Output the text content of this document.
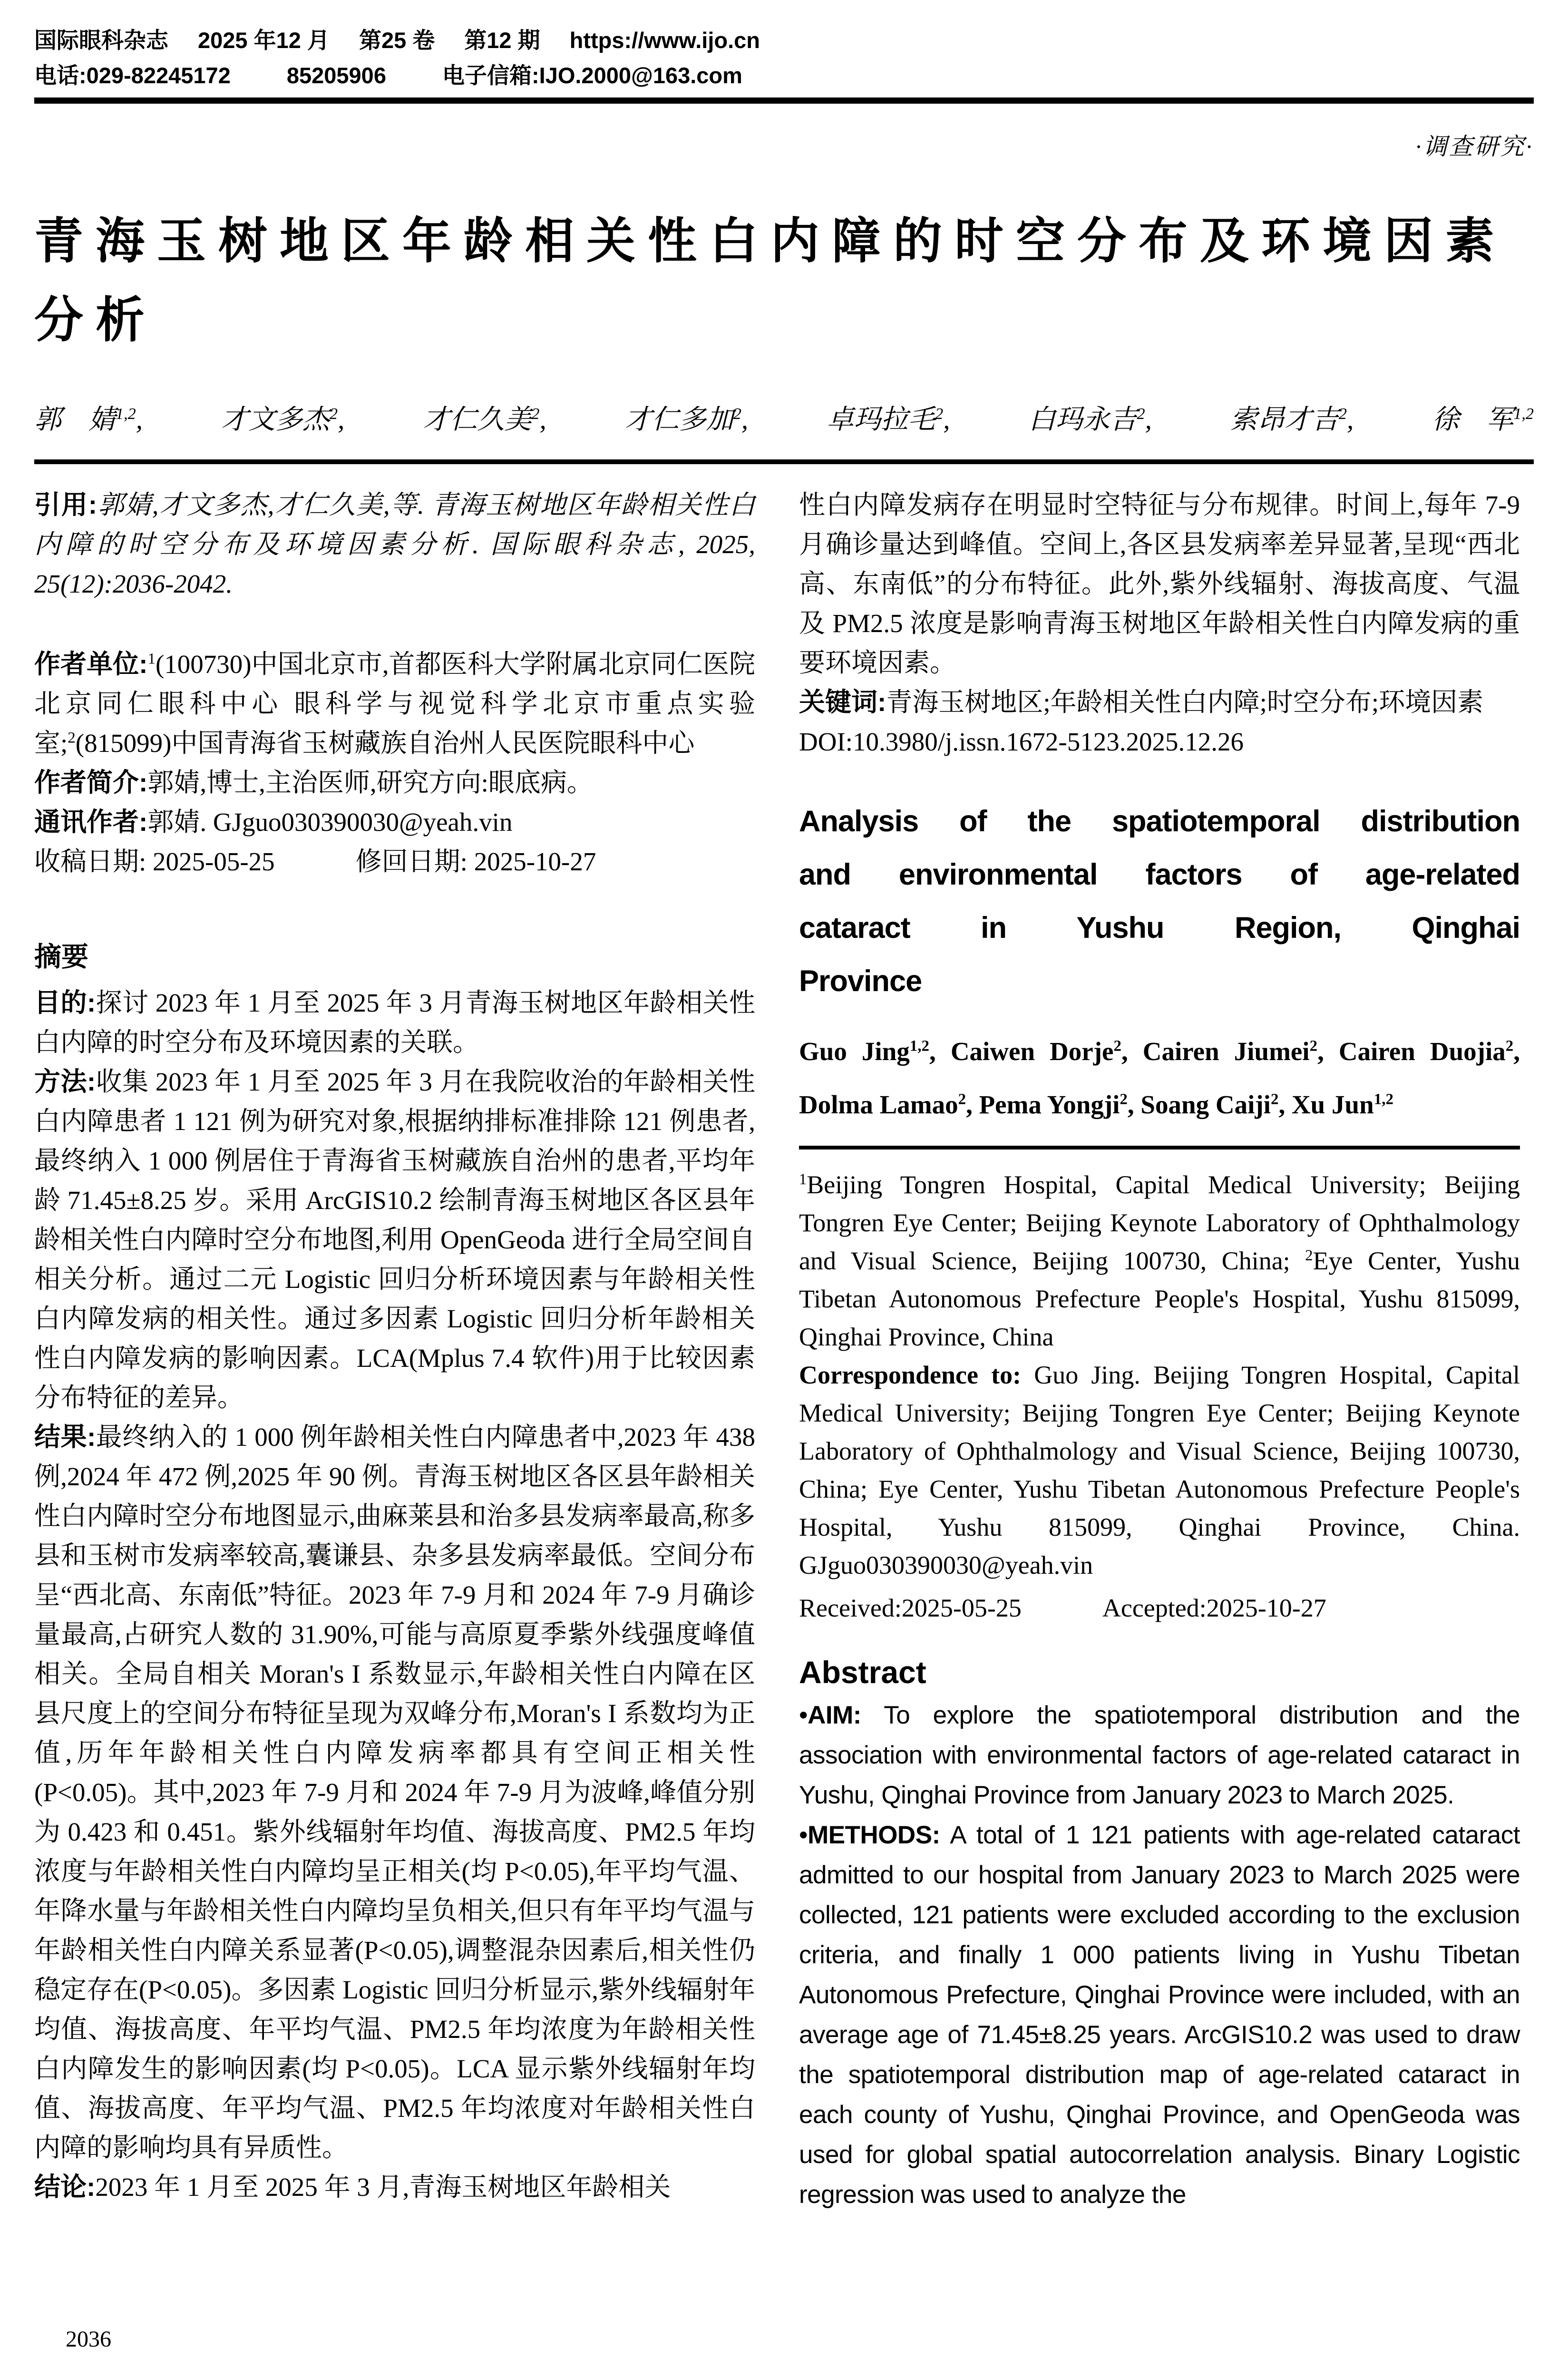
国际眼科杂志 2025 年12 月 第25 卷 第12 期 https://www.ijo.cn
电话:029-82245172	85205906	电子信箱:IJO.2000@163.com
·调查研究·
青海玉树地区年龄相关性白内障的时空分布及环境因素分析
郭　婧$^{1,2}$,	才文多杰$^2$,	才仁久美$^2$,	才仁多加$^2$,	卓玛拉毛$^2$,	白玛永吉$^2$,	索昂才吉$^2$,	徐　军$^{1,2}$

引用:郭婧,才文多杰,才仁久美,等. 青海玉树地区年龄相关性白内障的时空分布及环境因素分析. 国际眼科杂志, 2025, 25(12):2036-2042.

作者单位:$^1$(100730)中国北京市,首都医科大学附属北京同仁医院 北京同仁眼科中心 眼科学与视觉科学北京市重点实验室;$^2$(815099)中国青海省玉树藏族自治州人民医院眼科中心

作者简介:郭婧,博士,主治医师,研究方向:眼底病。

通讯作者:郭婧. GJguo030390030@yeah.vin

收稿日期: 2025-05-25	修回日期: 2025-10-27

摘要

目的:探讨 2023 年 1 月至 2025 年 3 月青海玉树地区年龄相关性白内障的时空分布及环境因素的关联。

方法:收集 2023 年 1 月至 2025 年 3 月在我院收治的年龄相关性白内障患者 1 121 例为研究对象,根据纳排标准排除 121 例患者,最终纳入 1 000 例居住于青海省玉树藏族自治州的患者,平均年龄 71.45±8.25 岁。采用 ArcGIS10.2 绘制青海玉树地区各区县年龄相关性白内障时空分布地图,利用 OpenGeoda 进行全局空间自相关分析。通过二元 Logistic 回归分析环境因素与年龄相关性白内障发病的相关性。通过多因素 Logistic 回归分析年龄相关性白内障发病的影响因素。LCA(Mplus 7.4 软件)用于比较因素分布特征的差异。

结果:最终纳入的 1 000 例年龄相关性白内障患者中,2023 年 438 例,2024 年 472 例,2025 年 90 例。青海玉树地区各区县年龄相关性白内障时空分布地图显示,曲麻莱县和治多县发病率最高,称多县和玉树市发病率较高,囊谦县、杂多县发病率最低。空间分布呈“西北高、东南低”特征。2023 年 7-9 月和 2024 年 7-9 月确诊量最高,占研究人数的 31.90%,可能与高原夏季紫外线强度峰值相关。全局自相关 Moran's I 系数显示,年龄相关性白内障在区县尺度上的空间分布特征呈现为双峰分布,Moran's I 系数均为正值,历年年龄相关性白内障发病率都具有空间正相关性(P<0.05)。其中,2023 年 7-9 月和 2024 年 7-9 月为波峰,峰值分别为 0.423 和 0.451。紫外线辐射年均值、海拔高度、PM2.5 年均浓度与年龄相关性白内障均呈正相关(均 P<0.05),年平均气温、年降水量与年龄相关性白内障均呈负相关,但只有年平均气温与年龄相关性白内障关系显著(P<0.05),调整混杂因素后,相关性仍稳定存在(P<0.05)。多因素 Logistic 回归分析显示,紫外线辐射年均值、海拔高度、年平均气温、PM2.5 年均浓度为年龄相关性白内障发生的影响因素(均 P<0.05)。LCA 显示紫外线辐射年均值、海拔高度、年平均气温、PM2.5 年均浓度对年龄相关性白内障的影响均具有异质性。

结论:2023 年 1 月至 2025 年 3 月,青海玉树地区年龄相关

性白内障发病存在明显时空特征与分布规律。时间上,每年 7-9 月确诊量达到峰值。空间上,各区县发病率差异显著,呈现“西北高、东南低”的分布特征。此外,紫外线辐射、海拔高度、气温及 PM2.5 浓度是影响青海玉树地区年龄相关性白内障发病的重要环境因素。

关键词:青海玉树地区;年龄相关性白内障;时空分布;环境因素

DOI:10.3980/j.issn.1672-5123.2025.12.26

Analysis of the spatiotemporal distribution
and environmental factors of age-related
cataract in Yushu Region, Qinghai
Province

Guo Jing$^{1,2}$, Caiwen Dorje$^2$, Cairen Jiumei$^2$, Cairen Duojia$^2$, Dolma Lamao$^2$, Pema Yongji$^2$, Soang Caiji$^2$, Xu Jun$^{1,2}$

$^1$Beijing Tongren Hospital, Capital Medical University; Beijing Tongren Eye Center; Beijing Keynote Laboratory of Ophthalmology and Visual Science, Beijing 100730, China; $^2$Eye Center, Yushu Tibetan Autonomous Prefecture People's Hospital, Yushu 815099, Qinghai Province, China

Correspondence to: Guo Jing. Beijing Tongren Hospital, Capital Medical University; Beijing Tongren Eye Center; Beijing Keynote Laboratory of Ophthalmology and Visual Science, Beijing 100730, China; Eye Center, Yushu Tibetan Autonomous Prefecture People's Hospital, Yushu 815099, Qinghai Province, China. GJguo030390030@yeah.vin

Received:2025-05-25	Accepted:2025-10-27

Abstract

•AIM: To explore the spatiotemporal distribution and the association with environmental factors of age-related cataract in Yushu, Qinghai Province from January 2023 to March 2025.

•METHODS: A total of 1 121 patients with age-related cataract admitted to our hospital from January 2023 to March 2025 were collected, 121 patients were excluded according to the exclusion criteria, and finally 1 000 patients living in Yushu Tibetan Autonomous Prefecture, Qinghai Province were included, with an average age of 71.45±8.25 years. ArcGIS10.2 was used to draw the spatiotemporal distribution map of age-related cataract in each county of Yushu, Qinghai Province, and OpenGeoda was used for global spatial autocorrelation analysis. Binary Logistic regression was used to analyze the

2036
